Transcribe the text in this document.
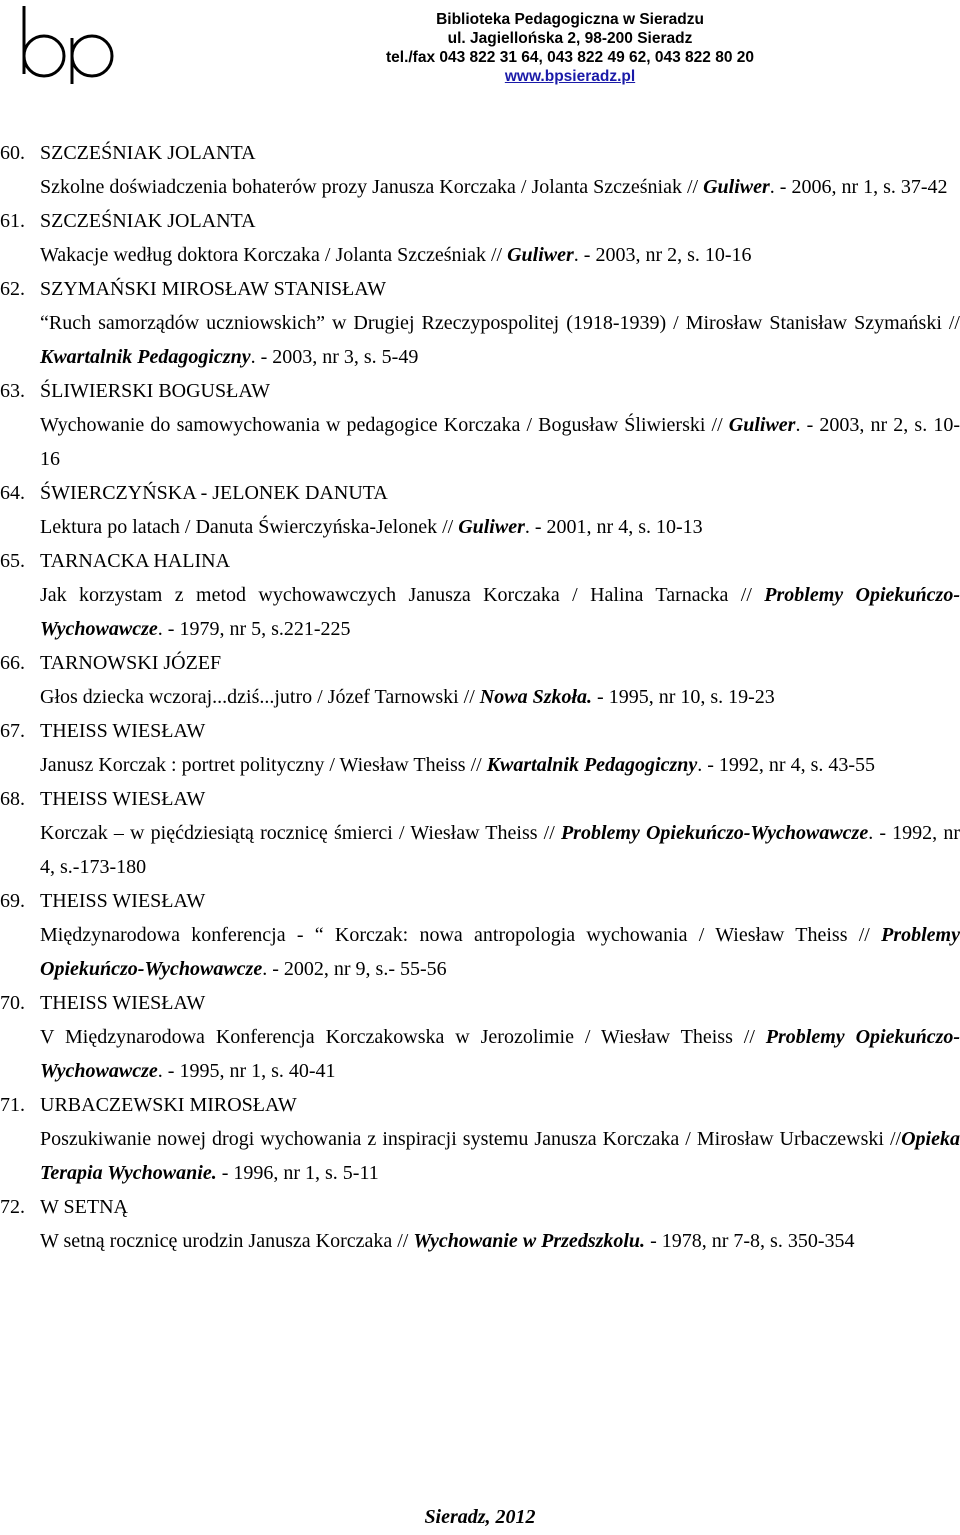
Biblioteka Pedagogiczna w Sieradzu
ul. Jagiellońska 2, 98-200 Sieradz
tel./fax 043 822 31 64, 043 822 49 62, 043 822 80 20
www.bpsieradz.pl
60. SZCZEŚNIAK JOLANTA
Szkolne doświadczenia bohaterów prozy Janusza Korczaka / Jolanta Szcześniak // Guliwer. - 2006, nr 1, s. 37-42
61. SZCZEŚNIAK JOLANTA
Wakacje według doktora Korczaka / Jolanta Szcześniak // Guliwer. - 2003, nr 2, s. 10-16
62. SZYMAŃSKI MIROSŁAW STANISŁAW
“Ruch samorządów uczniowskich” w Drugiej Rzeczypospolitej (1918-1939) / Mirosław Stanisław Szymański // Kwartalnik Pedagogiczny. - 2003, nr 3, s. 5-49
63. ŚLIWIERSKI BOGUSŁAW
Wychowanie do samowychowania w pedagogice Korczaka / Bogusław Śliwierski // Guliwer. - 2003, nr 2, s. 10-16
64. ŚWIERCZYŃSKA - JELONEK DANUTA
Lektura po latach / Danuta Świerczyńska-Jelonek // Guliwer. - 2001, nr 4, s. 10-13
65. TARNACKA HALINA
Jak korzystam z metod wychowawczych Janusza Korczaka / Halina Tarnacka // Problemy Opiekuńczo-Wychowawcze. - 1979, nr 5, s.221-225
66. TARNOWSKI JÓZEF
Głos dziecka wczoraj...dziś...jutro / Józef Tarnowski // Nowa Szkoła. - 1995, nr 10, s. 19-23
67. THEISS WIESŁAW
Janusz Korczak : portret polityczny / Wiesław Theiss // Kwartalnik Pedagogiczny. - 1992, nr 4, s. 43-55
68. THEISS WIESŁAW
Korczak – w pięćdziesiątą rocznicę śmierci / Wiesław Theiss // Problemy Opiekuńczo-Wychowawcze. - 1992, nr 4, s.-173-180
69. THEISS WIESŁAW
Międzynarodowa konferencja - “ Korczak: nowa antropologia wychowania / Wiesław Theiss // Problemy Opiekuńczo-Wychowawcze. - 2002, nr 9, s.- 55-56
70. THEISS WIESŁAW
V Międzynarodowa Konferencja Korczakowska w Jerozolimie / Wiesław Theiss // Problemy Opiekuńczo-Wychowawcze. - 1995, nr 1, s. 40-41
71. URBACZEWSKI MIROSŁAW
Poszukiwanie nowej drogi wychowania z inspiracji systemu Janusza Korczaka / Mirosław Urbaczewski //Opieka Terapia Wychowanie. - 1996, nr 1, s. 5-11
72. W SETNĄ
W setną rocznicę urodzin Janusza Korczaka // Wychowanie w Przedszkolu. - 1978, nr 7-8, s. 350-354
Sieradz, 2012
